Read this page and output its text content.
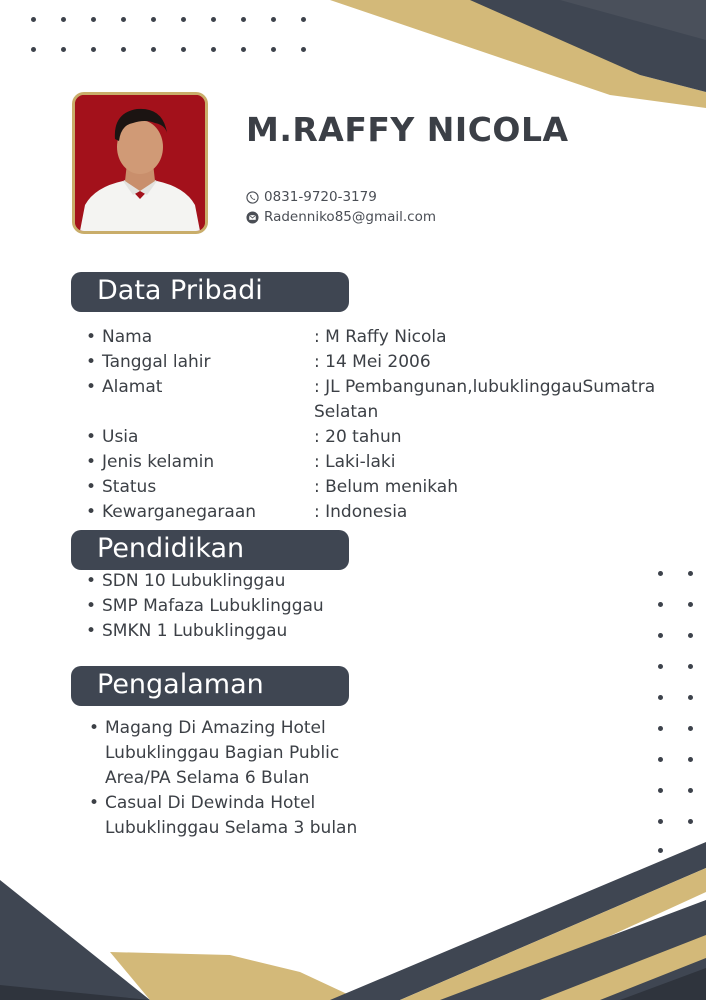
M.RAFFY NICOLA
0831-9720-3179
Radenniko85@gmail.com
Data Pribadi
• Nama	: M Raffy Nicola
• Tanggal lahir	: 14 Mei 2006
• Alamat	: JL Pembangunan,lubuklinggauSumatra Selatan
• Usia	: 20 tahun
• Jenis kelamin	: Laki-laki
• Status	: Belum menikah
• Kewarganegaraan	: Indonesia
Pendidikan
• SDN 10 Lubuklinggau
• SMP Mafaza Lubuklinggau
• SMKN 1 Lubuklinggau
Pengalaman
• Magang Di Amazing Hotel Lubuklinggau Bagian Public Area/PA Selama 6 Bulan
• Casual Di Dewinda Hotel Lubuklinggau Selama 3 bulan
